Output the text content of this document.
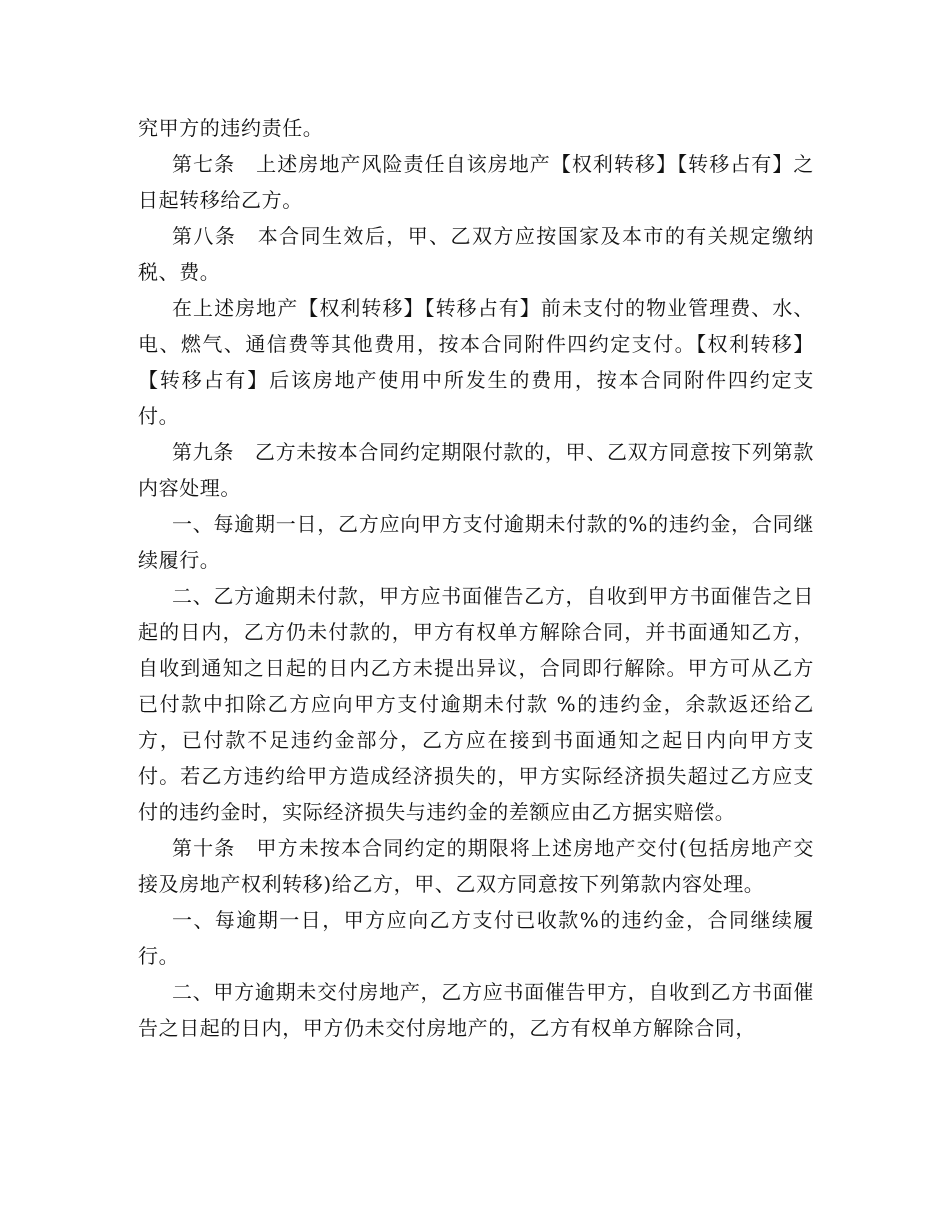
究甲方的违约责任。

第七条　上述房地产风险责任自该房地产【权利转移】【转移占有】之日起转移给乙方。

第八条　本合同生效后，甲、乙双方应按国家及本市的有关规定缴纳税、费。

在上述房地产【权利转移】【转移占有】前未支付的物业管理费、水、电、燃气、通信费等其他费用，按本合同附件四约定支付。【权利转移】【转移占有】后该房地产使用中所发生的费用，按本合同附件四约定支付。

第九条　乙方未按本合同约定期限付款的，甲、乙双方同意按下列第款内容处理。

一、每逾期一日，乙方应向甲方支付逾期未付款的%的违约金，合同继续履行。

二、乙方逾期未付款，甲方应书面催告乙方，自收到甲方书面催告之日起的日内，乙方仍未付款的，甲方有权单方解除合同，并书面通知乙方，自收到通知之日起的日内乙方未提出异议，合同即行解除。甲方可从乙方已付款中扣除乙方应向甲方支付逾期未付款 %的违约金，余款返还给乙方，已付款不足违约金部分，乙方应在接到书面通知之起日内向甲方支付。若乙方违约给甲方造成经济损失的，甲方实际经济损失超过乙方应支付的违约金时，实际经济损失与违约金的差额应由乙方据实赔偿。

第十条　甲方未按本合同约定的期限将上述房地产交付(包括房地产交接及房地产权利转移)给乙方，甲、乙双方同意按下列第款内容处理。

一、每逾期一日，甲方应向乙方支付已收款%的违约金，合同继续履行。

二、甲方逾期未交付房地产，乙方应书面催告甲方，自收到乙方书面催告之日起的日内，甲方仍未交付房地产的，乙方有权单方解除合同，
